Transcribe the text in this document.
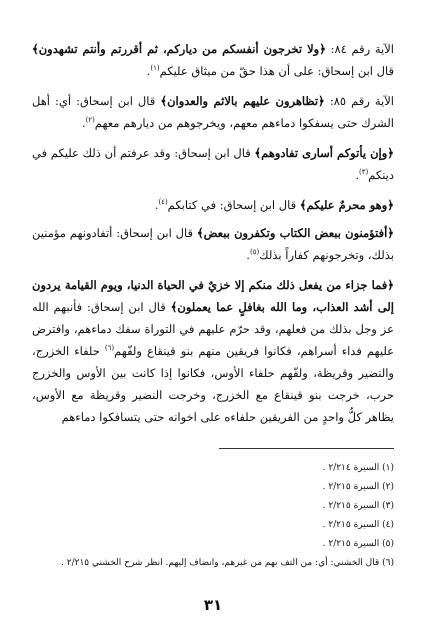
الآية رقم ٨٤: ﴿ولا تخرجون أنفسكم من دياركم، ثم أقررتم وأنتم تشهدون﴾ قال ابن إسحاق: على أن هذا حقّ من ميثاق عليكم$^{(١)}$.

الآية رقم ٨٥: ﴿تظاهرون عليهم بالاثم والعدوان﴾ قال ابن إسحاق: أي: أهل الشرك حتى يسفكوا دماءهم معهم، ويخرجوهم من ديارهم معهم$^{(٢)}$.

﴿وإن يأتوكم أسارى تفادوهم﴾ قال ابن إسحاق: وقد عرفتم أن ذلك عليكم في دينكم$^{(٣)}$.

﴿وهو محرمٌ عليكم﴾ قال ابن إسحاق: في كتابكم$^{(٤)}$.

﴿أفتؤمنون ببعض الكتاب وتكفرون ببعض﴾ قال ابن إسحاق: أتفادونهم مؤمنين بذلك، وتخرجونهم كفاراً بذلك$^{(٥)}$.

﴿فما جزاء من يفعل ذلك منكم إلا خزيٌ في الحياة الدنيا، ويوم القيامة يردون إلى أشد العذاب، وما الله بغافلٍ عما يعملون﴾ قال ابن إسحاق: فأنبهم الله عز وجل بذلك من فعلهم، وقد حرّم عليهم في التوراة سفك دماءهم، وافترض عليهم فداء أسراهم، فكانوا فريقين منهم بنو قينقاع ولفّهم$^{(٦)}$ حلفاء الخزرج، والنضير وقريظة، ولفّهم حلفاء الأوس، فكانوا إذا كانت بين الأوس والخزرج حرب، خرجت بنو قينقاع مع الخزرج، وخرجت النضير وقريظة مع الأوس، يظاهر كلُّ واحدٍ من الفريقين حلفاءه على اخوانه حتى يتسافكوا دماءهم

(١) السيرة ٢/٢١٤ .
(٢) السيرة ٢/٢١٥ .
(٣) السيرة ٢/٢١٥ .
(٤) السيرة ٢/٢١٥ .
(٥) السيرة ٢/٢١٥ .
(٦) قال الخشني: أي: من التف بهم من غيرهم، وانضاف إليهم. انظر شرح الخشني ٢/٢١٥ .
٣١
